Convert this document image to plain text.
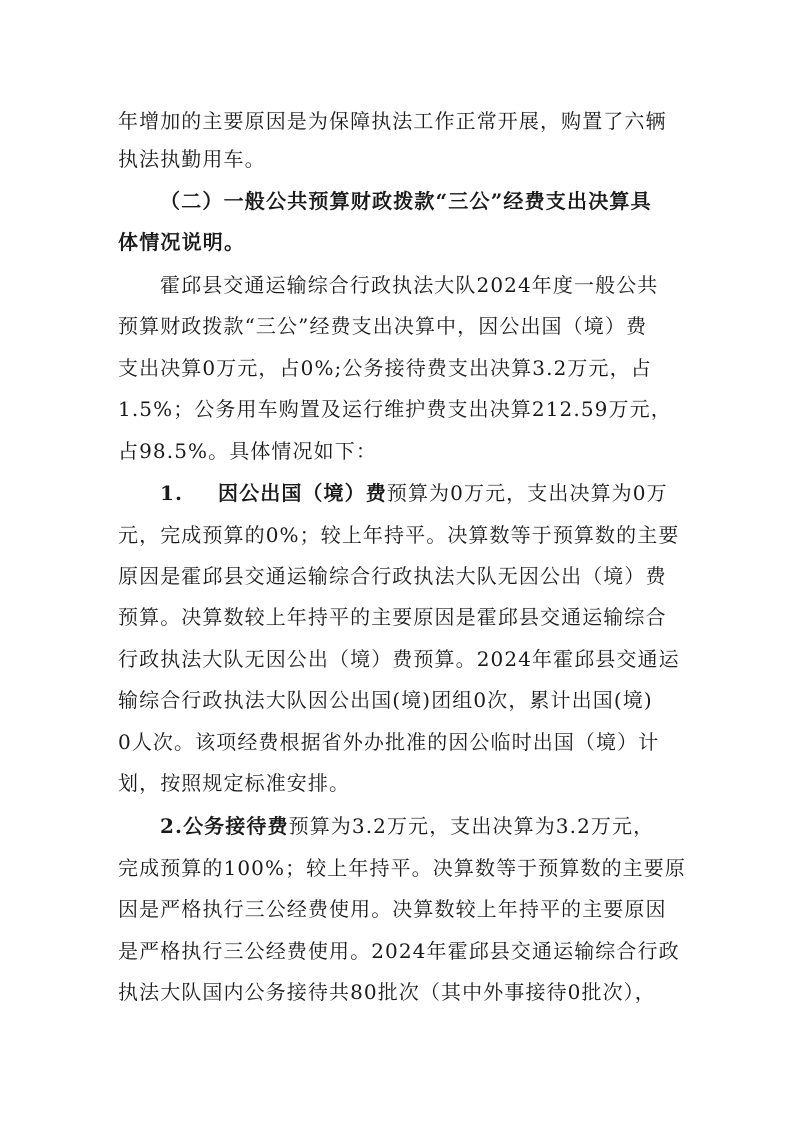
年增加的主要原因是为保障执法工作正常开展，购置了六辆
执法执勤用车。
（二）一般公共预算财政拨款“三公”经费支出决算具
体情况说明。
霍邱县交通运输综合行政执法大队2024年度一般公共
预算财政拨款“三公”经费支出决算中，因公出国（境）费
支出决算0万元，占0%;公务接待费支出决算3.2万元，占
1.5%；公务用车购置及运行维护费支出决算212.59万元，
占98.5%。具体情况如下：
1. 因公出国（境）费预算为0万元，支出决算为0万
元，完成预算的0%；较上年持平。决算数等于预算数的主要
原因是霍邱县交通运输综合行政执法大队无因公出（境）费
预算。决算数较上年持平的主要原因是霍邱县交通运输综合
行政执法大队无因公出（境）费预算。2024年霍邱县交通运
输综合行政执法大队因公出国(境)团组0次，累计出国(境)
0人次。该项经费根据省外办批准的因公临时出国（境）计
划，按照规定标准安排。
2.公务接待费预算为3.2万元，支出决算为3.2万元，
完成预算的100%；较上年持平。决算数等于预算数的主要原
因是严格执行三公经费使用。决算数较上年持平的主要原因
是严格执行三公经费使用。2024年霍邱县交通运输综合行政
执法大队国内公务接待共80批次（其中外事接待0批次），
